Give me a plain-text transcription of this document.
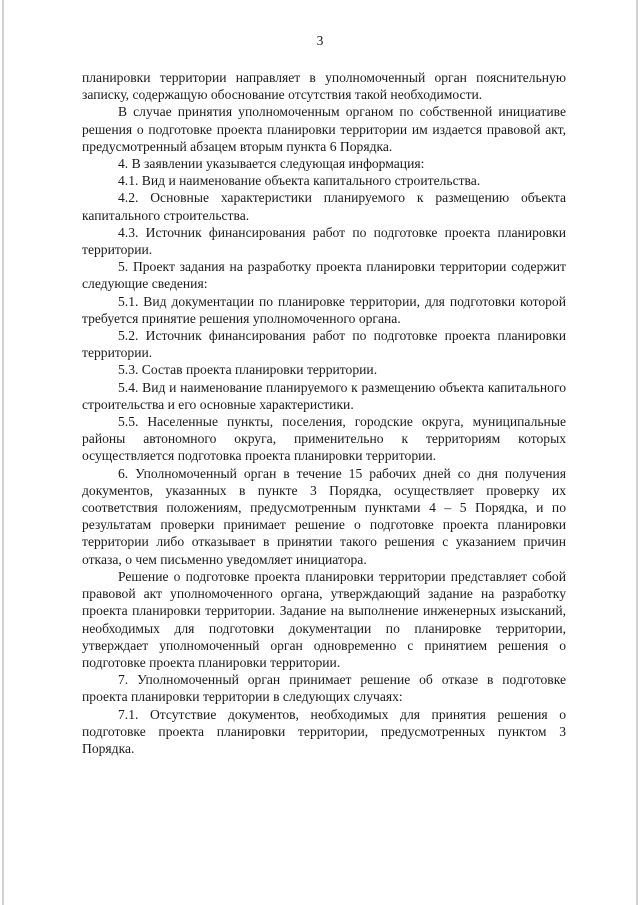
3

планировки территории направляет в уполномоченный орган пояснительную записку, содержащую обоснование отсутствия такой необходимости.

В случае принятия уполномоченным органом по собственной инициативе решения о подготовке проекта планировки территории им издается правовой акт, предусмотренный абзацем вторым пункта 6 Порядка.

4. В заявлении указывается следующая информация:

4.1. Вид и наименование объекта капитального строительства.

4.2. Основные характеристики планируемого к размещению объекта капитального строительства.

4.3. Источник финансирования работ по подготовке проекта планировки территории.

5. Проект задания на разработку проекта планировки территории содержит следующие сведения:

5.1. Вид документации по планировке территории, для подготовки которой требуется принятие решения уполномоченного органа.

5.2. Источник финансирования работ по подготовке проекта планировки территории.

5.3. Состав проекта планировки территории.

5.4. Вид и наименование планируемого к размещению объекта капитального строительства и его основные характеристики.

5.5. Населенные пункты, поселения, городские округа, муниципальные районы автономного округа, применительно к территориям которых осуществляется подготовка проекта планировки территории.

6. Уполномоченный орган в течение 15 рабочих дней со дня получения документов, указанных в пункте 3 Порядка, осуществляет проверку их соответствия положениям, предусмотренным пунктами 4 – 5 Порядка, и по результатам проверки принимает решение о подготовке проекта планировки территории либо отказывает в принятии такого решения с указанием причин отказа, о чем письменно уведомляет инициатора.

Решение о подготовке проекта планировки территории представляет собой правовой акт уполномоченного органа, утверждающий задание на разработку проекта планировки территории. Задание на выполнение инженерных изысканий, необходимых для подготовки документации по планировке территории, утверждает уполномоченный орган одновременно с принятием решения о подготовке проекта планировки территории.

7. Уполномоченный орган принимает решение об отказе в подготовке проекта планировки территории в следующих случаях:

7.1. Отсутствие документов, необходимых для принятия решения о подготовке проекта планировки территории, предусмотренных пунктом 3 Порядка.
